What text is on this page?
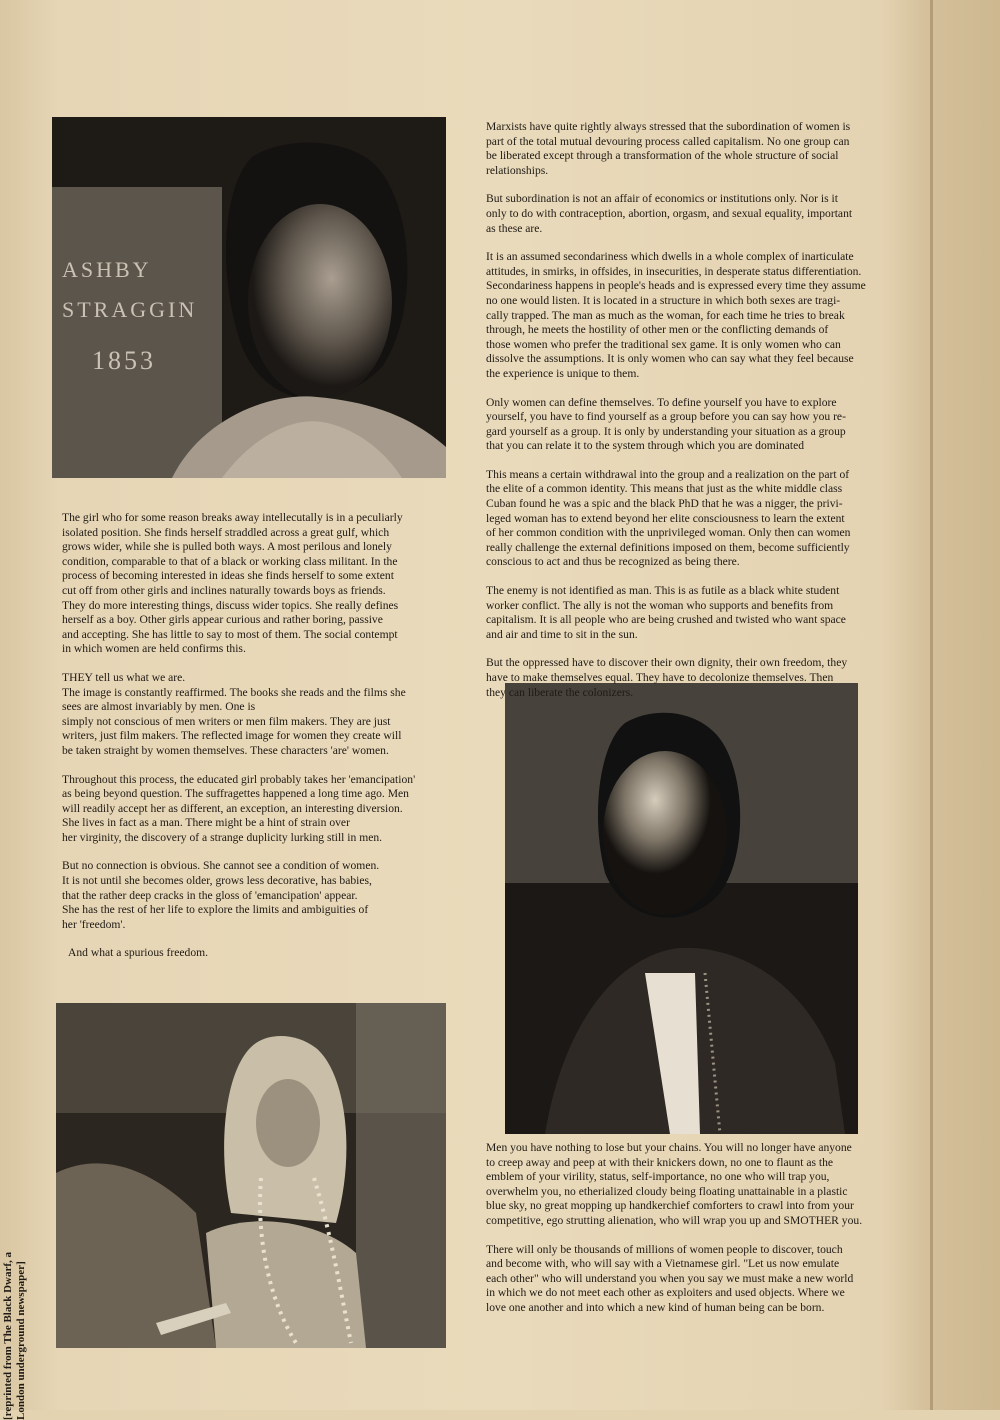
ASHBY
STRAGGIN
1853

The girl who for some reason breaks away intellecutally is in a peculiarly
isolated position. She finds herself straddled across a great gulf, which
grows wider, while she is pulled both ways. A most perilous and lonely
condition, comparable to that of a black or working class militant. In the
process of becoming interested in ideas she finds herself to some extent
cut off from other girls and inclines naturally towards boys as friends.
They do more interesting things, discuss wider topics. She really defines
herself as a boy. Other girls appear curious and rather boring, passive
and accepting. She has little to say to most of them. The social contempt
in which women are held confirms this.

THEY tell us what we are.

The image is constantly reaffirmed. The books she reads and the films she
sees are almost invariably by men. One is
simply not conscious of men writers or men film makers. They are just
writers, just film makers. The reflected image for women they create will
be taken straight by women themselves. These characters 'are' women.

Throughout this process, the educated girl probably takes her 'emancipation'
as being beyond question. The suffragettes happened a long time ago. Men
will readily accept her as different, an exception, an interesting diversion.
She lives in fact as a man. There might be a hint of strain over
her virginity, the discovery of a strange duplicity lurking still in men.

But no connection is obvious. She cannot see a condition of women.
It is not until she becomes older, grows less decorative, has babies,
that the rather deep cracks in the gloss of 'emancipation' appear.
She has the rest of her life to explore the limits and ambiguities of
her 'freedom'.

And what a spurious freedom.

Marxists have quite rightly always stressed that the subordination of women is
part of the total mutual devouring process called capitalism. No one group can
be liberated except through a transformation of the whole structure of social
relationships.

But subordination is not an affair of economics or institutions only. Nor is it
only to do with contraception, abortion, orgasm, and sexual equality, important
as these are.

It is an assumed secondariness which dwells in a whole complex of inarticulate
attitudes, in smirks, in offsides, in insecurities, in desperate status differentiation.
Secondariness happens in people's heads and is expressed every time they assume
no one would listen. It is located in a structure in which both sexes are tragi-
cally trapped. The man as much as the woman, for each time he tries to break
through, he meets the hostility of other men or the conflicting demands of
those women who prefer the traditional sex game. It is only women who can
dissolve the assumptions. It is only women who can say what they feel because
the experience is unique to them.

Only women can define themselves. To define yourself you have to explore
yourself, you have to find yourself as a group before you can say how you re-
gard yourself as a group. It is only by understanding your situation as a group
that you can relate it to the system through which you are dominated

This means a certain withdrawal into the group and a realization on the part of
the elite of a common identity. This means that just as the white middle class
Cuban found he was a spic and the black PhD that he was a nigger, the privi-
leged woman has to extend beyond her elite consciousness to learn the extent
of her common condition with the unprivileged woman. Only then can women
really challenge the external definitions imposed on them, become sufficiently
conscious to act and thus be recognized as being there.

The enemy is not identified as man. This is as futile as a black white student
worker conflict. The ally is not the woman who supports and benefits from
capitalism. It is all people who are being crushed and twisted who want space
and air and time to sit in the sun.

But the oppressed have to discover their own dignity, their own freedom, they
have to make themselves equal. They have to decolonize themselves. Then
they can liberate the colonizers.

Men you have nothing to lose but your chains. You will no longer have anyone
to creep away and peep at with their knickers down, no one to flaunt as the
emblem of your virility, status, self-importance, no one who will trap you,
overwhelm you, no etherialized cloudy being floating unattainable in a plastic
blue sky, no great mopping up handkerchief comforters to crawl into from your
competitive, ego strutting alienation, who will wrap you up and SMOTHER you.

There will only be thousands of millions of women people to discover, touch
and become with, who will say with a Vietnamese girl. "Let us now emulate
each other" who will understand you when you say we must make a new world
in which we do not meet each other as exploiters and used objects. Where we
love one another and into which a new kind of human being can be born.

[reprinted from The Black Dwarf, a
London underground newspaper]
